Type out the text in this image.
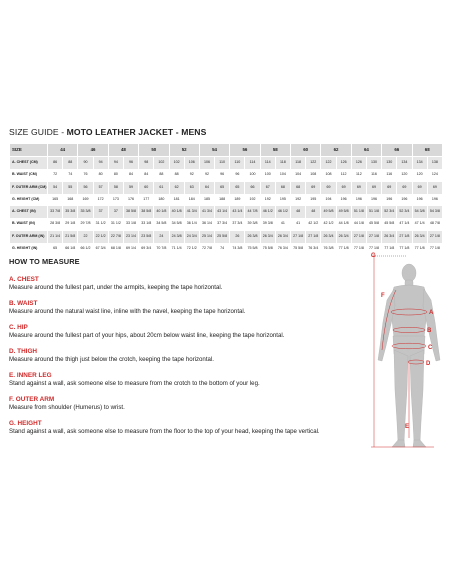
SIZE GUIDE - MOTO LEATHER JACKET - MENS
SIZE	44		46		48		50		52		54		56		58		60		62		64		66		68	
A. CHEST (CM)	86	88	90	94	94	96	98	102	102	106	106	110	110	114	114	118	118	122	122	126	126	130	130	134	134	138
B. WAIST (CM)	72	74	76	80	80	84	84	88	88	92	92	96	96	100	100	104	104	108	108	112	112	116	116	120	120	124
F. OUTER ARM (CM)	54	55	56	57	58	59	60	61	62	63	64	65	65	66	67	68	68	69	69	69	69	69	69	69	69	69
G. HEIGHT (CM)	165	168	169	172	173	176	177	180	181	184	185	188	189	192	192	195	192	195	194	196	196	196	196	196	196	196
A. CHEST (IN)	33 7/8	35 3/8	35 3/8	37	37	38 5/8	38 5/8	40 1/8	40 1/8	41 3/4	41 3/4	43 1/4	43 1/4	44 7/8	46 1/2	46 1/2	48	48	49 5/8	49 5/8	51 1/8	51 1/8	52 3/4	52 3/4	54 3/8	54 3/8
B. WAIST (IN)	28 3/8	29 1/8	29 7/8	31 1/2	31 1/2	33 1/8	33 1/8	34 5/8	34 5/8	36 1/4	36 1/4	37 3/4	37 3/4	39 3/8	39 3/8	41	41	42 1/2	42 1/2	44 1/8	44 1/8	45 5/8	45 5/8	47 1/4	47 1/4	48 7/8
F. OUTER ARM (IN)	21 1/4	21 5/8	22	22 1/2	22 7/8	23 1/4	23 5/8	24	24 3/8	24 3/4	25 1/4	25 5/8	26	26 3/8	26 3/4	26 3/4	27 1/8	27 1/8	26 3/4	26 3/4	27 1/8	27 1/8	26 3/4	27 1/8	26 3/4	27 1/8
G. HEIGHT (IN)	65	66 1/8	66 1/2	67 3/4	68 1/8	69 1/4	69 3/4	70 7/8	71 1/4	72 1/2	72 7/8	74	74 3/8	75 5/8	75 5/8	76 3/4	75 5/8	76 3/4	76 3/8	77 1/8	77 1/8	77 1/8	77 1/8	77 1/8	77 1/8	77 1/8
HOW TO MEASURE
A. CHEST
Measure around the fullest part, under the armpits, keeping the tape horizontal.
B. WAIST
Measure around the natural waist line, inline with the navel, keeping the tape horizontal.
C. HIP
Measure around the fullest part of your hips, about 20cm below waist line, keeping the tape horizontal.
D. THIGH
Measure around the thigh just below the crotch, keeping the tape horizontal.
E. INNER LEG
Stand against a wall, ask someone else to measure from the crotch to the bottom of your leg.
F. OUTER ARM
Measure from shoulder (Humerus) to wrist.
G. HEIGHT
Stand against a wall, ask someone else to measure from the floor to the top of your head, keeping the tape vertical.
G
F
A
B
C
D
E
